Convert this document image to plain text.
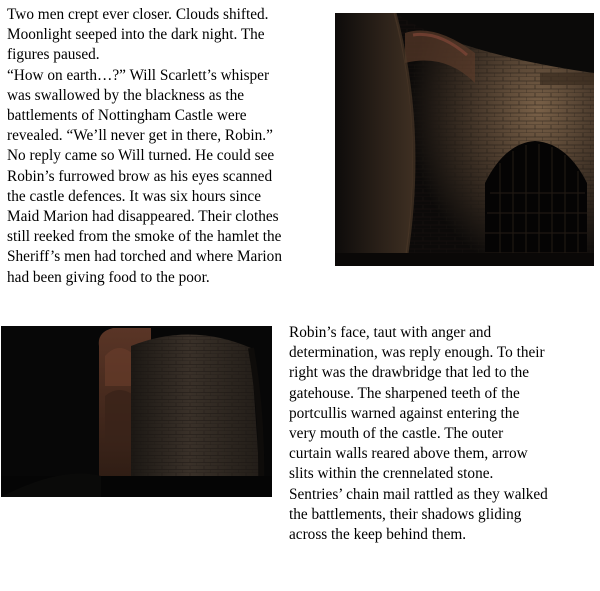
Two men crept ever closer. Clouds shifted.

Moonlight seeped into the dark night. The

figures paused.

“How on earth…?” Will Scarlett’s whisper

was swallowed by the blackness as the

battlements of Nottingham Castle were

revealed. “We’ll never get in there, Robin.”

No reply came so Will turned. He could see

Robin’s furrowed brow as his eyes scanned

the castle defences. It was six hours since

Maid Marion had disappeared. Their clothes

still reeked from the smoke of the hamlet the

Sheriff’s men had torched and where Marion

had been giving food to the poor.

Robin’s face, taut with anger and

determination, was reply enough. To their

right was the drawbridge that led to the

gatehouse. The sharpened teeth of the

portcullis warned against entering the

very mouth of the castle. The outer

curtain walls reared above them, arrow

slits within the crennelated stone.

Sentries’ chain mail rattled as they walked

the battlements, their shadows gliding

across the keep behind them.
